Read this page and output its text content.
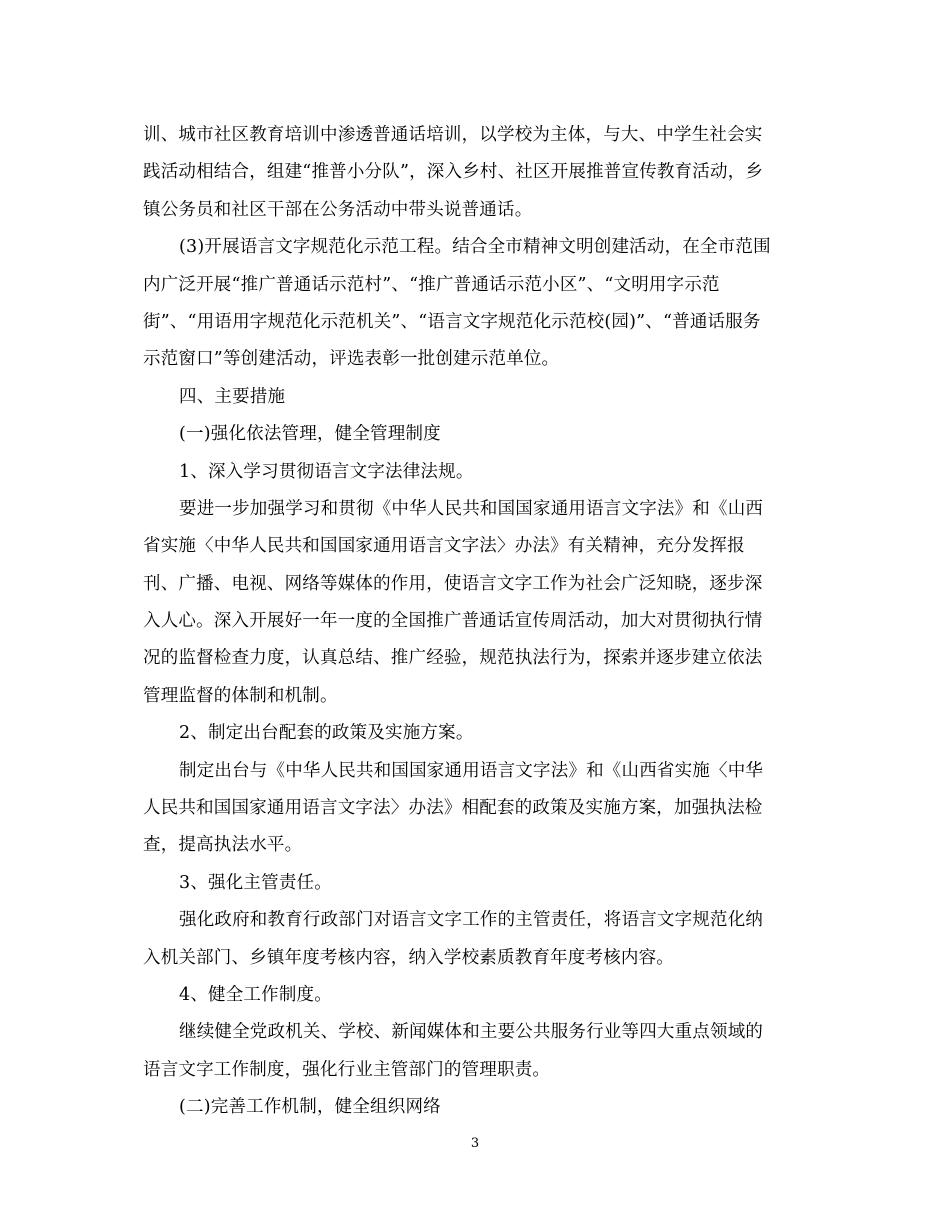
训、城市社区教育培训中渗透普通话培训，以学校为主体，与大、中学生社会实
践活动相结合，组建“推普小分队”，深入乡村、社区开展推普宣传教育活动，乡
镇公务员和社区干部在公务活动中带头说普通话。
(3)开展语言文字规范化示范工程。结合全市精神文明创建活动，在全市范围
内广泛开展“推广普通话示范村”、“推广普通话示范小区”、“文明用字示范
街”、“用语用字规范化示范机关”、“语言文字规范化示范校(园)”、“普通话服务
示范窗口”等创建活动，评选表彰一批创建示范单位。
四、主要措施
(一)强化依法管理，健全管理制度
1、深入学习贯彻语言文字法律法规。
要进一步加强学习和贯彻《中华人民共和国国家通用语言文字法》和《山西
省实施〈中华人民共和国国家通用语言文字法〉办法》有关精神，充分发挥报
刊、广播、电视、网络等媒体的作用，使语言文字工作为社会广泛知晓，逐步深
入人心。深入开展好一年一度的全国推广普通话宣传周活动，加大对贯彻执行情
况的监督检查力度，认真总结、推广经验，规范执法行为，探索并逐步建立依法
管理监督的体制和机制。
2、制定出台配套的政策及实施方案。
制定出台与《中华人民共和国国家通用语言文字法》和《山西省实施〈中华
人民共和国国家通用语言文字法〉办法》相配套的政策及实施方案，加强执法检
查，提高执法水平。
3、强化主管责任。
强化政府和教育行政部门对语言文字工作的主管责任，将语言文字规范化纳
入机关部门、乡镇年度考核内容，纳入学校素质教育年度考核内容。
4、健全工作制度。
继续健全党政机关、学校、新闻媒体和主要公共服务行业等四大重点领域的
语言文字工作制度，强化行业主管部门的管理职责。
(二)完善工作机制，健全组织网络
3
